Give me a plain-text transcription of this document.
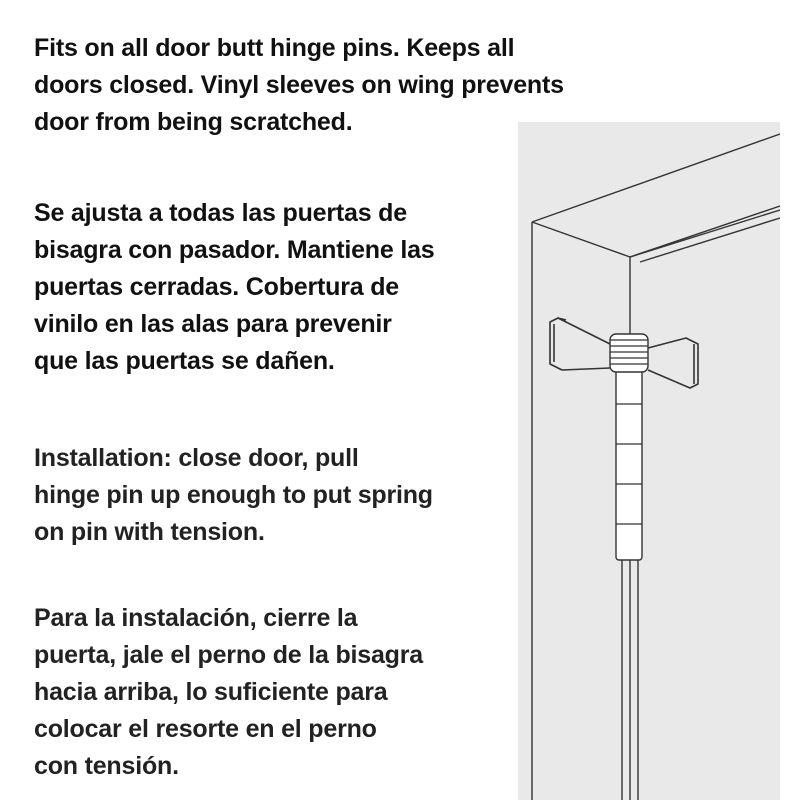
Fits on all door butt hinge pins. Keeps all
doors closed. Vinyl sleeves on wing prevents
door from being scratched.
Se ajusta a todas las puertas de
bisagra con pasador. Mantiene las
puertas cerradas. Cobertura de
vinilo en las alas para prevenir
que las puertas se dañen.
Installation: close door, pull
hinge pin up enough to put spring
on pin with tension.
Para la instalación, cierre la
puerta, jale el perno de la bisagra
hacia arriba, lo suficiente para
colocar el resorte en el perno
con tensión.
